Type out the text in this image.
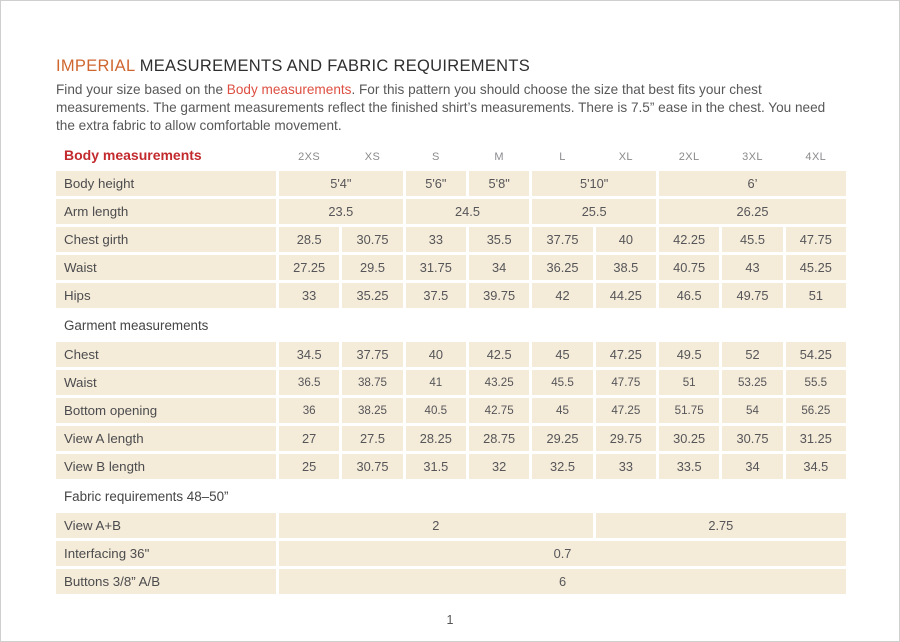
IMPERIAL MEASUREMENTS AND FABRIC REQUIREMENTS

Find your size based on the Body measurements. For this pattern you should choose the size that best fits your chest measurements. The garment measurements reflect the finished shirt’s measurements. There is 7.5” ease in the chest. You need the extra fabric to allow comfortable movement.

Body measurements	2XS	XS	S	M	L	XL	2XL	3XL	4XL
Body height	5'4"	5'6"	5'8"	5'10"	6’
Arm length	23.5	24.5	25.5	26.25
Chest girth	28.5	30.75	33	35.5	37.75	40	42.25	45.5	47.75
Waist	27.25	29.5	31.75	34	36.25	38.5	40.75	43	45.25
Hips	33	35.25	37.5	39.75	42	44.25	46.5	49.75	51
Garment measurements
Chest	34.5	37.75	40	42.5	45	47.25	49.5	52	54.25
Waist	36.5	38.75	41	43.25	45.5	47.75	51	53.25	55.5
Bottom opening	36	38.25	40.5	42.75	45	47.25	51.75	54	56.25
View A length	27	27.5	28.25	28.75	29.25	29.75	30.25	30.75	31.25
View B length	25	30.75	31.5	32	32.5	33	33.5	34	34.5
Fabric requirements 48–50”
View A+B	2	2.75
Interfacing 36"	0.7
Buttons 3/8” A/B	6
1
